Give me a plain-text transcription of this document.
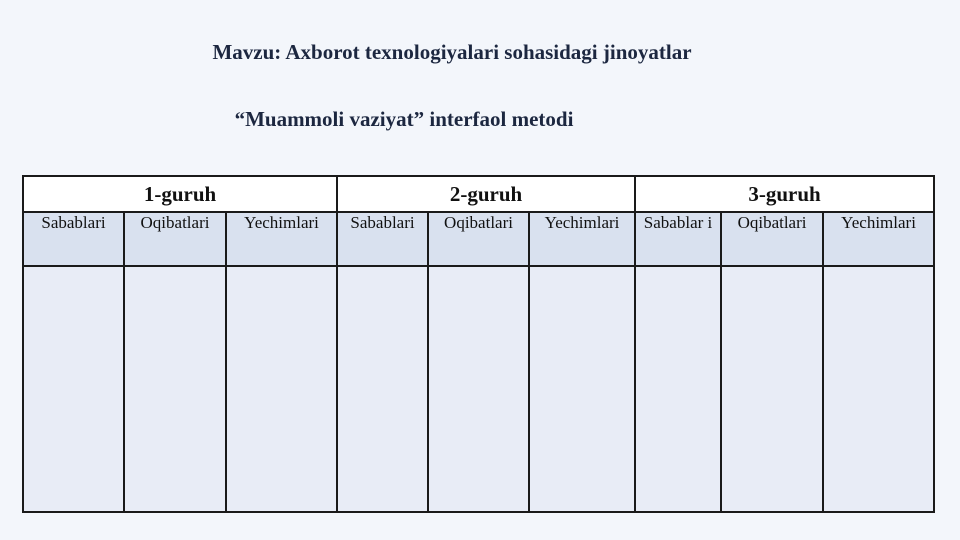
Mavzu: Axborot texnologiyalari sohasidagi jinoyatlar
“Muammoli vaziyat” interfaol metodi
1-guruh			2-guruh			3-guruh		
Sabablari	Oqibatlari	Yechimlari	Sabablari	Oqibatlari	Yechimlari	Sabablar i	Oqibatlari	Yechimlari
